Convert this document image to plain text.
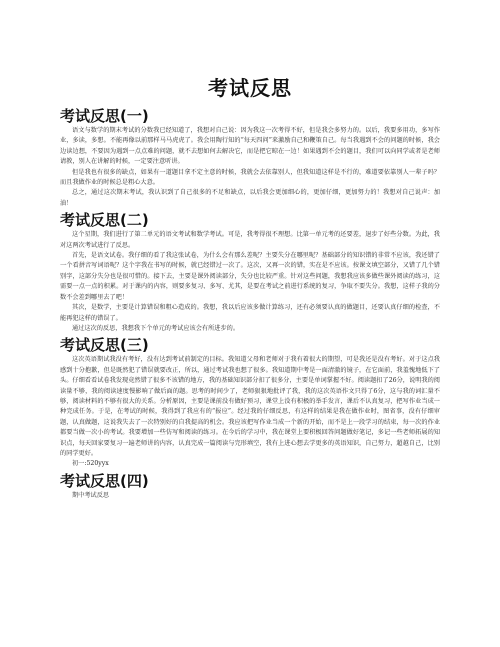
考试反思
考试反思(一)

语文与数学的期末考试的分数我已经知道了，我想对自己说：因为我这一次考得不好，但是我会多努力的。以后，我要多用功，多写作业，多读，多想。不能再像以前那样马马虎虎了。我会用陶行知的“每天四问”来激励自己和鞭策自己。每当我遇到不会的问题的时候，我会边读边想，不要因为遇到一点点难的问题，就不去想如何去解决它，而是把它晾在一边！如果遇到不会的题目，我们可以向同学或者是老师请教，别人在讲解的时候，一定要注意听讲。

但是我也有很多的缺点，如果有一道题目拿不定主意的时候，我就会去依靠别人，但我知道这样是不行的，难道要依靠别人一辈子吗？而且我做作业的时候总是粗心大意。

总之，通过这次期末考试，我认识到了自己很多的不足和缺点，以后我会更加细心的，更加仔细，更加努力的！我想对自己说声：加油！

考试反思(二)

这个星期，我们进行了第二单元的语文考试和数学考试。可是，我考得很不理想。比第一单元考的还要差，退步了好些分数。为此，我对这两次考试进行了反思。

首先，是语文试卷。我仔细的看了我这张试卷，为什么会有那么差呢？主要失分在哪里呢？基础部分的知识错的非常不应该，我还错了一个看拼音写词语呢？这个字我在书写的时候，就已经错过一次了。这次，又再一次的错，实在是不应该。按课文填空部分，又错了几个错别字，这部分失分也是很可惜的。接下去，主要是课外阅读部分，失分也比较严重。针对这些问题，我想我应该多做些课外阅读的练习，这需要一点一点的积累。对于课内的内容，则要多复习、多写、尤其，是要在考试之前进行系统的复习，争取不要失分。我想，这样子我的分数不会差到哪里去了吧！

其次，是数学，主要是计算错误和粗心造成的。我想，我以后应该多做计算练习，还有必须要认真的做题目，还要认真仔细的检查，不能再犯这样的错误了。

通过这次的反思，我想我下个单元的考试应该会有所进步的。

考试反思(三)

这次英语期试我没有考好，没有达到考试前制定的目标。我知道父母和老师对于我有着很大的期望，可是我还是没有考好。对于这点我感到十分抱歉，但是既然犯了错误就要改正，所以，通过考试我也想了很多。我知道期中考是一面清澈的镜子，在它面前，我羞愧地低下了头。仔细看看试卷我发现竟然错了很多不该错的地方，我的基础知识部分扣了很多分，主要是单词掌握不好。阅读题扣了26分，说明我的阅读量不够，我的阅读速度慢影响了做后面的题。思考的时间少了，老师狠狠地批评了我，我的这次英语作文只得了6分，这与我的词汇量不够，阅读材料的不够有很大的关系。分析原因，主要是课前没有做好预习，课堂上没有积极的举手发言，课后不认真复习，把写作业当成一种完成任务。于是，在考试的时候，我得到了我应有的“报应”。经过我的仔细反思，有这样的结果是我在做作业时，图省事，没有仔细审题，认真做题，这说我失去了一次特别好的自我提高的机会。我应该把写作业当成一个新的开始，而不是上一段学习的结束，每一次的作业都要当做一次小的考试。我要增加一些仿写和阅读的练习。在今后的学习中，我在课堂上要积极回答问题做好笔记，多记一些老师拓展的知识点，每天回家要复习一遍老师讲的内容，认真完成一篇阅读与完形填空，我有上进心想去学更多的英语知识，自己努力，超越自己，比别的同学更好。

初一:520yyx

考试反思(四)

期中考试反思
